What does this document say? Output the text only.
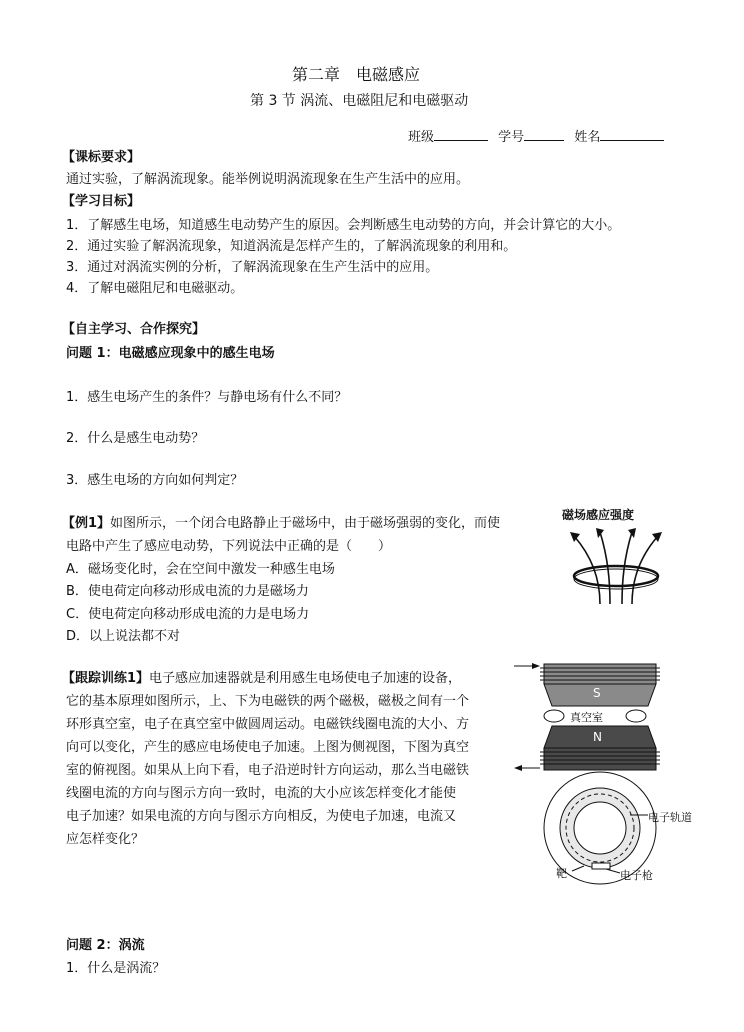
第二章　电磁感应
第 3 节 涡流、电磁阻尼和电磁驱动
班级	学号	姓名
【课标要求】
通过实验，了解涡流现象。能举例说明涡流现象在生产生活中的应用。
【学习目标】
1．了解感生电场，知道感生电动势产生的原因。会判断感生电动势的方向，并会计算它的大小。
2．通过实验了解涡流现象，知道涡流是怎样产生的，了解涡流现象的利用和。
3．通过对涡流实例的分析，了解涡流现象在生产生活中的应用。
4．了解电磁阻尼和电磁驱动。
【自主学习、合作探究】
问题 1：电磁感应现象中的感生电场
1．感生电场产生的条件？与静电场有什么不同？
2．什么是感生电动势？
3．感生电场的方向如何判定？
【例1】如图所示，一个闭合电路静止于磁场中，由于磁场强弱的变化，而使
电路中产生了感应电动势，下列说法中正确的是（　　）
A．磁场变化时，会在空间中激发一种感生电场
B．使电荷定向移动形成电流的力是磁场力
C．使电荷定向移动形成电流的力是电场力
D．以上说法都不对
磁场感应强度
【跟踪训练1】电子感应加速器就是利用感生电场使电子加速的设备，
它的基本原理如图所示，上、下为电磁铁的两个磁极，磁极之间有一个
环形真空室，电子在真空室中做圆周运动。电磁铁线圈电流的大小、方
向可以变化，产生的感应电场使电子加速。上图为侧视图，下图为真空
室的俯视图。如果从上向下看，电子沿逆时针方向运动，那么当电磁铁
线圈电流的方向与图示方向一致时，电流的大小应该怎样变化才能使
电子加速？如果电流的方向与图示方向相反，为使电子加速，电流又
应怎样变化？
S
真空室
N
电子轨道
靶	电子枪
问题 2：涡流
1．什么是涡流？
